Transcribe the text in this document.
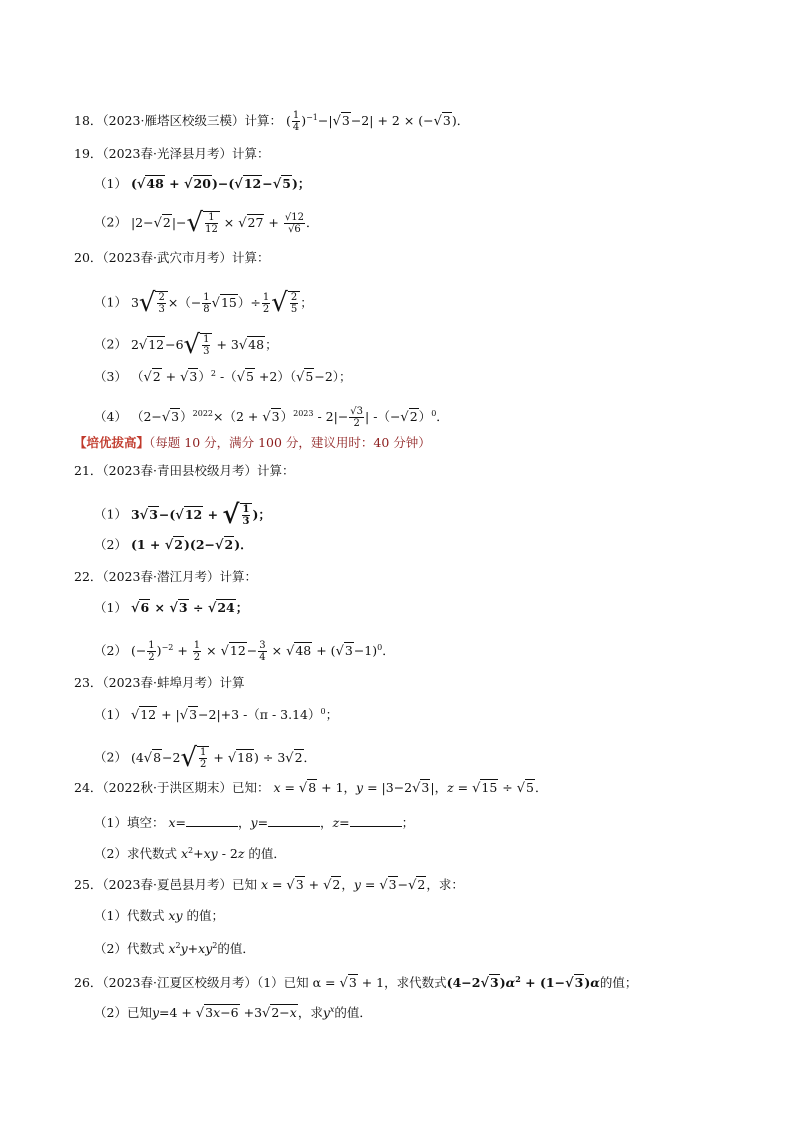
18．（2023·雁塔区校级三模）计算： ( $\frac{1}{4} )^{-1}-|√3-2| + 2 \times (-√3)$．
19．（2023春·光泽县月考）计算：
（1） (√48 + √20)−(√12−√5)；
（2） $|2-√2|-√ \frac{1}{12} \times √27 + \frac{√12}{√6}$ ．
20．（2023春·武穴市月考）计算：
（1） $3√ \frac{2}{3}$ ×（− $\frac{1}{8} √15)\div \frac{1}{2}$ √ $\frac{2}{5}$ ；
（2） $2√12-6√ \frac{1}{3} + 3√48$；
（3） $(√2 + √3)^2$ -（√5 +2）（√5−2）；
（4） $(2-√3)^{2022}\times(2 + √3)^{2023} - 2|- \frac{√3}{2}$ | $-(-√2)^0$．
【培优拔高】（每题 10 分，满分 100 分，建议用时：40 分钟）
21．（2023春·青田县校级月考）计算：
（1） 3√3−(√12 + √ $\frac{1}{3}$ )；
（2） (1 + √2)(2−√2)．
22．（2023春·潜江月考）计算：
（1） √6 × √3 ÷ √24；
（2） (− $\frac{1}{2} )^{-2} + \frac{1}{2} \times √12- \frac{3}{4} \times √48 + (√3-1)^0$．
23．（2023春·蚌埠月考）计算
（1） √12 + |√3−2|+3 -（π - 3.14）$^0$；
（2） $(4√8-2√ \frac{1}{2} + √18) \div 3√2$．
24．（2022秋·于洪区期末）已知： x = √8 + 1，y = |3−2√3|，z = √15 ÷ √5．
（1）填空： x=	，y=	，z=	；
（2）求代数式 $x^2+xy - 2z$ 的值．
25．（2023春·夏邑县月考）已知 x = √3 + √2，y = √3−√2，求：
（1）代数式 xy 的值；
（2）代数式 $x^2y+xy^2$的值．
26．（2023春·江夏区校级月考）（1）已知 α = √3 + 1，求代数式$(4-2√3)\alpha^2 + (1-√3)\alpha$的值；
（2）已知y=4 + √3x−6 +3√2−x，求$y^x$的值．
